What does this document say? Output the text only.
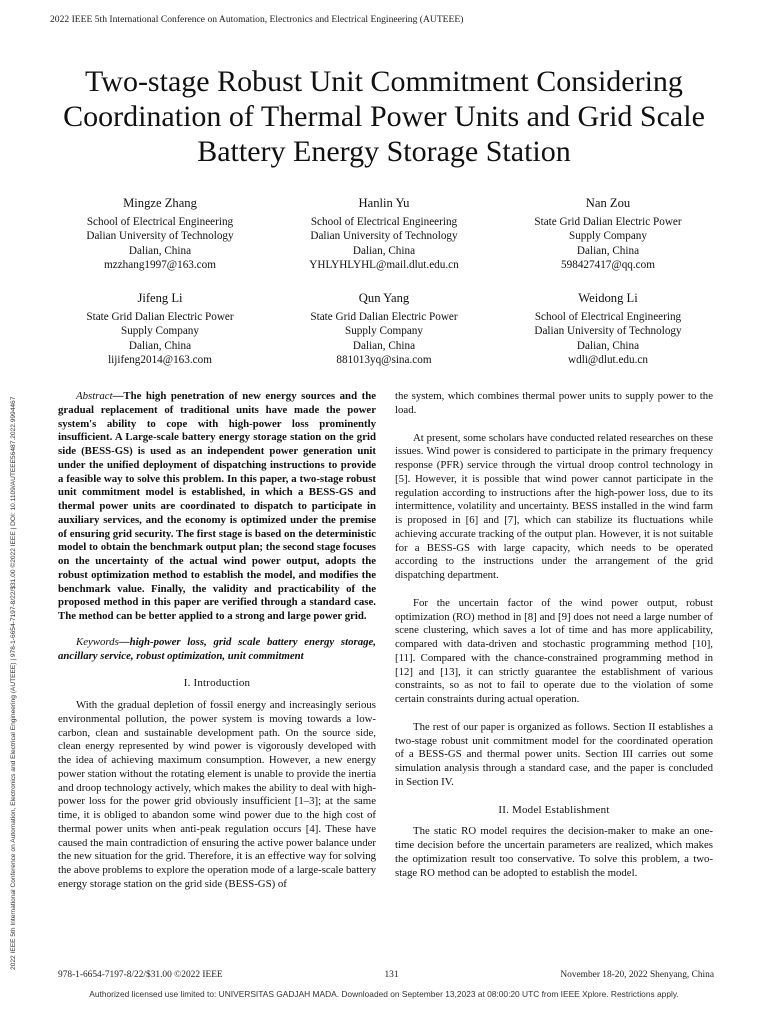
2022 IEEE 5th International Conference on Automation, Electronics and Electrical Engineering (AUTEEE)
2022 IEEE 5th International Conference on Automation, Electronics and Electrical Engineering (AUTEEE) | 978-1-6654-7197-8/22/$31.00 ©2022 IEEE | DOI: 10.1109/AUTEEE56487.2022.9994467
Two-stage Robust Unit Commitment Considering Coordination of Thermal Power Units and Grid Scale Battery Energy Storage Station
Mingze Zhang
School of Electrical Engineering
Dalian University of Technology
Dalian, China
mzzhang1997@163.com
Hanlin Yu
School of Electrical Engineering
Dalian University of Technology
Dalian, China
YHLYHLYHL@mail.dlut.edu.cn
Nan Zou
State Grid Dalian Electric Power
Supply Company
Dalian, China
598427417@qq.com
Jifeng Li
State Grid Dalian Electric Power
Supply Company
Dalian, China
lijifeng2014@163.com
Qun Yang
State Grid Dalian Electric Power
Supply Company
Dalian, China
881013yq@sina.com
Weidong Li
School of Electrical Engineering
Dalian University of Technology
Dalian, China
wdli@dlut.edu.cn

Abstract—The high penetration of new energy sources and the gradual replacement of traditional units have made the power system's ability to cope with high-power loss prominently insufficient. A Large-scale battery energy storage station on the grid side (BESS-GS) is used as an independent power generation unit under the unified deployment of dispatching instructions to provide a feasible way to solve this problem. In this paper, a two-stage robust unit commitment model is established, in which a BESS-GS and thermal power units are coordinated to dispatch to participate in auxiliary services, and the economy is optimized under the premise of ensuring grid security. The first stage is based on the deterministic model to obtain the benchmark output plan; the second stage focuses on the uncertainty of the actual wind power output, adopts the robust optimization method to establish the model, and modifies the benchmark value. Finally, the validity and practicability of the proposed method in this paper are verified through a standard case. The method can be better applied to a strong and large power grid.

Keywords—high-power loss, grid scale battery energy storage, ancillary service, robust optimization, unit commitment

I. Introduction

With the gradual depletion of fossil energy and increasingly serious environmental pollution, the power system is moving towards a low-carbon, clean and sustainable development path. On the source side, clean energy represented by wind power is vigorously developed with the idea of achieving maximum consumption. However, a new energy power station without the rotating element is unable to provide the inertia and droop technology actively, which makes the ability to deal with high-power loss for the power grid obviously insufficient [1–3]; at the same time, it is obliged to abandon some wind power due to the high cost of thermal power units when anti-peak regulation occurs [4]. These have caused the main contradiction of ensuring the active power balance under the new situation for the grid. Therefore, it is an effective way for solving the above problems to explore the operation mode of a large-scale battery energy storage station on the grid side (BESS-GS) of

the system, which combines thermal power units to supply power to the load.

At present, some scholars have conducted related researches on these issues. Wind power is considered to participate in the primary frequency response (PFR) service through the virtual droop control technology in [5]. However, it is possible that wind power cannot participate in the regulation according to instructions after the high-power loss, due to its intermittence, volatility and uncertainty. BESS installed in the wind farm is proposed in [6] and [7], which can stabilize its fluctuations while achieving accurate tracking of the output plan. However, it is not suitable for a BESS-GS with large capacity, which needs to be operated according to the instructions under the arrangement of the grid dispatching department.

For the uncertain factor of the wind power output, robust optimization (RO) method in [8] and [9] does not need a large number of scene clustering, which saves a lot of time and has more applicability, compared with data-driven and stochastic programming method [10], [11]. Compared with the chance-constrained programming method in [12] and [13], it can strictly guarantee the establishment of various constraints, so as not to fail to operate due to the violation of some certain constraints during actual operation.

The rest of our paper is organized as follows. Section II establishes a two-stage robust unit commitment model for the coordinated operation of a BESS-GS and thermal power units. Section III carries out some simulation analysis through a standard case, and the paper is concluded in Section IV.

II. Model Establishment

The static RO model requires the decision-maker to make an one-time decision before the uncertain parameters are realized, which makes the optimization result too conservative. To solve this problem, a two-stage RO method can be adopted to establish the model.

978-1-6654-7197-8/22/$31.00 ©2022 IEEE	131	November 18-20, 2022 Shenyang, China
Authorized licensed use limited to: UNIVERSITAS GADJAH MADA. Downloaded on September 13,2023 at 08:00:20 UTC from IEEE Xplore. Restrictions apply.
